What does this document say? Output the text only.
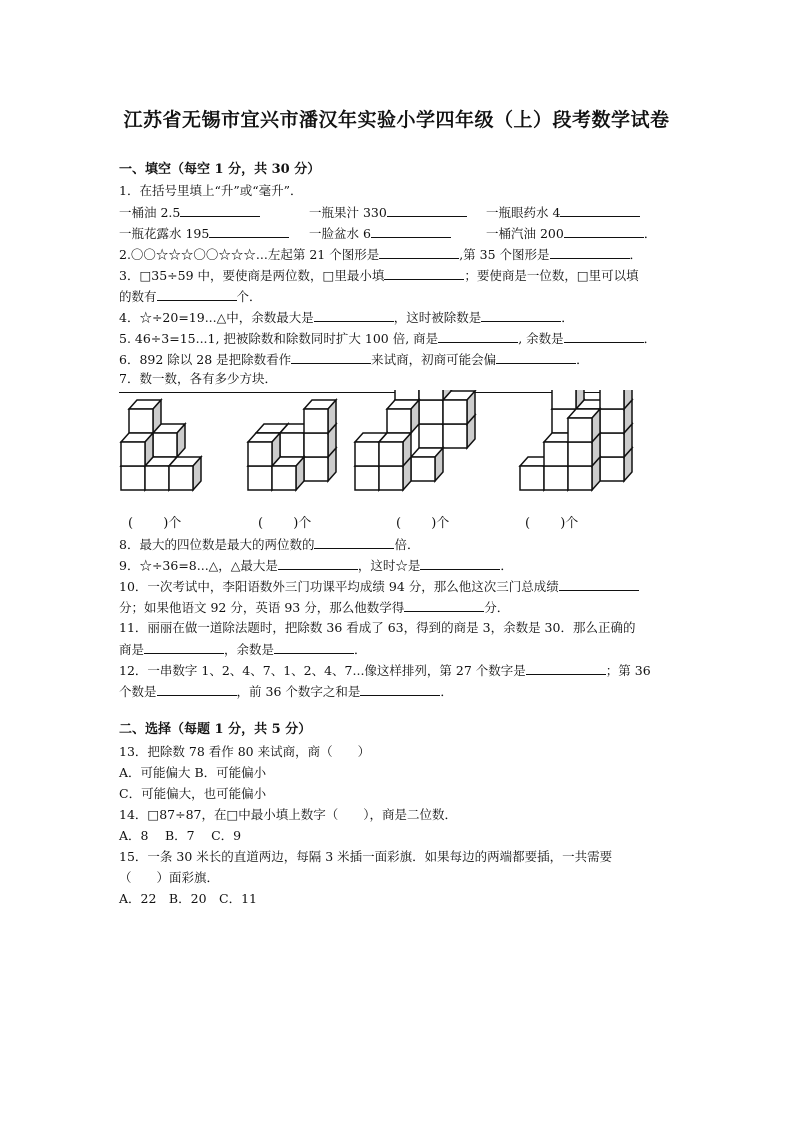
江苏省无锡市宜兴市潘汉年实验小学四年级（上）段考数学试卷
一、填空（每空 1 分，共 30 分）
1．在括号里填上“升”或“毫升”．
一桶油 2.5	一瓶果汁 330	一瓶眼药水 4
一瓶花露水 195	一脸盆水 6	一桶汽油 200	．
2.〇〇☆☆☆〇〇☆☆☆...左起第 21 个图形是	,第 35 个图形是	．
3．□35÷59 中，要使商是两位数，□里最小填	；要使商是一位数，□里可以填
的数有	个．
4．☆÷20=19...△中，余数最大是	，这时被除数是	．
5. 46÷3=15...1, 把被除数和除数同时扩大 100 倍, 商是	, 余数是	．
6．892 除以 28 是把除数看作	来试商，初商可能会偏	．
7．数一数，各有多少方块．
(　　 )个	(　　 )个	(　　 )个	(　　 )个
8．最大的四位数是最大的两位数的	倍．
9．☆÷36=8...△，△最大是	，这时☆是	．
10．一次考试中，李阳语数外三门功课平均成绩 94 分，那么他这次三门总成绩
分；如果他语文 92 分，英语 93 分，那么他数学得	分．
11．丽丽在做一道除法题时，把除数 36 看成了 63，得到的商是 3，余数是 30．那么正确的
商是	，余数是	．
12．一串数字 1、2、4、7、1、2、4、7...像这样排列，第 27 个数字是	；第 36
个数是	，前 36 个数字之和是	．
二、选择（每题 1 分，共 5 分）
13．把除数 78 看作 80 来试商，商（　　）
A．可能偏大 B．可能偏小
C．可能偏大，也可能偏小
14．□87÷87，在□中最小填上数字（　　），商是二位数．
A．8　 B．7　 C．9
15．一条 30 米长的直道两边，每隔 3 米插一面彩旗．如果每边的两端都要插，一共需要
（　　）面彩旗．
A．22　B．20　C．11
